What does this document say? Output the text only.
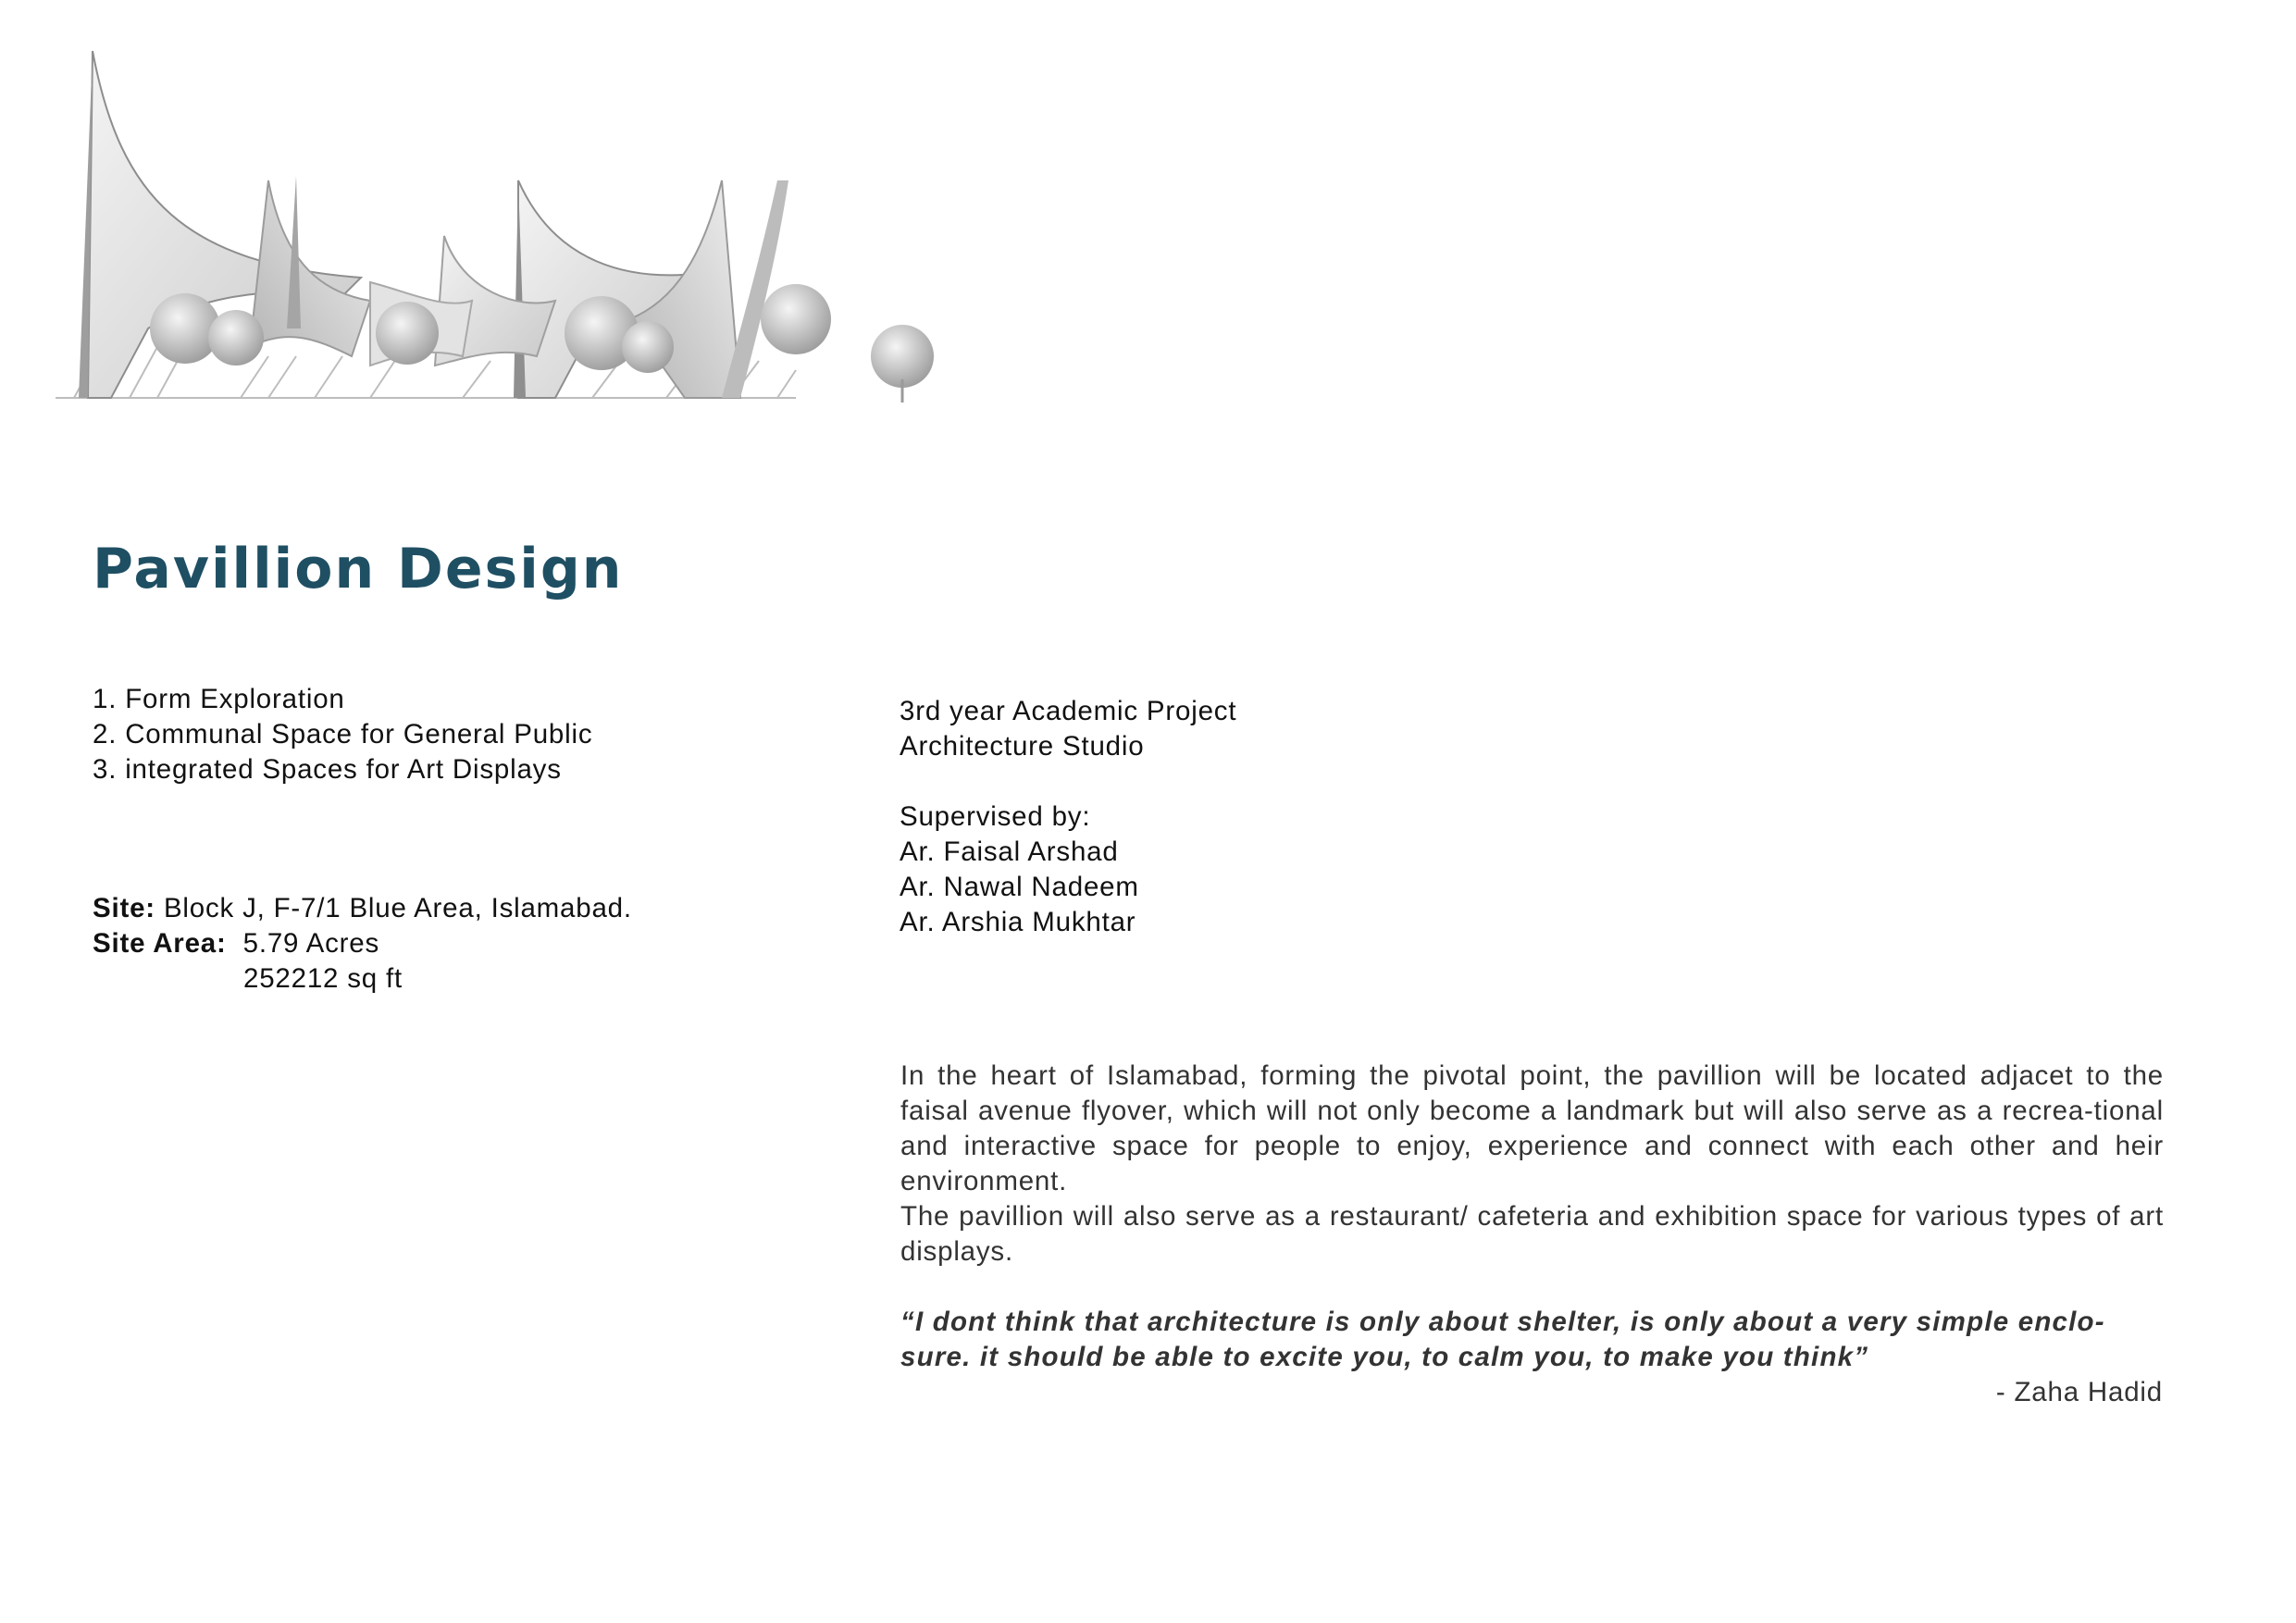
Pavillion Design
1. Form Exploration
2. Communal Space for General Public
3. integrated Spaces for Art Displays
Site: Block J, F-7/1 Blue Area, Islamabad.
Site Area: 5.79 Acres
252212 sq ft
3rd year Academic Project
Architecture Studio
Supervised by:
Ar. Faisal Arshad
Ar. Nawal Nadeem
Ar. Arshia Mukhtar
In the heart of Islamabad, forming the pivotal point, the pavillion will be located adjacet to the faisal avenue flyover, which will not only become a landmark but will also serve as a recrea-tional and interactive space for people to enjoy, experience and connect with each other and heir environment.
The pavillion will also serve as a restaurant/ cafeteria and exhibition space for various types of art displays.
“I dont think that architecture is only about shelter, is only about a very simple enclo-sure. it should be able to excite you, to calm you, to make you think”
- Zaha Hadid
